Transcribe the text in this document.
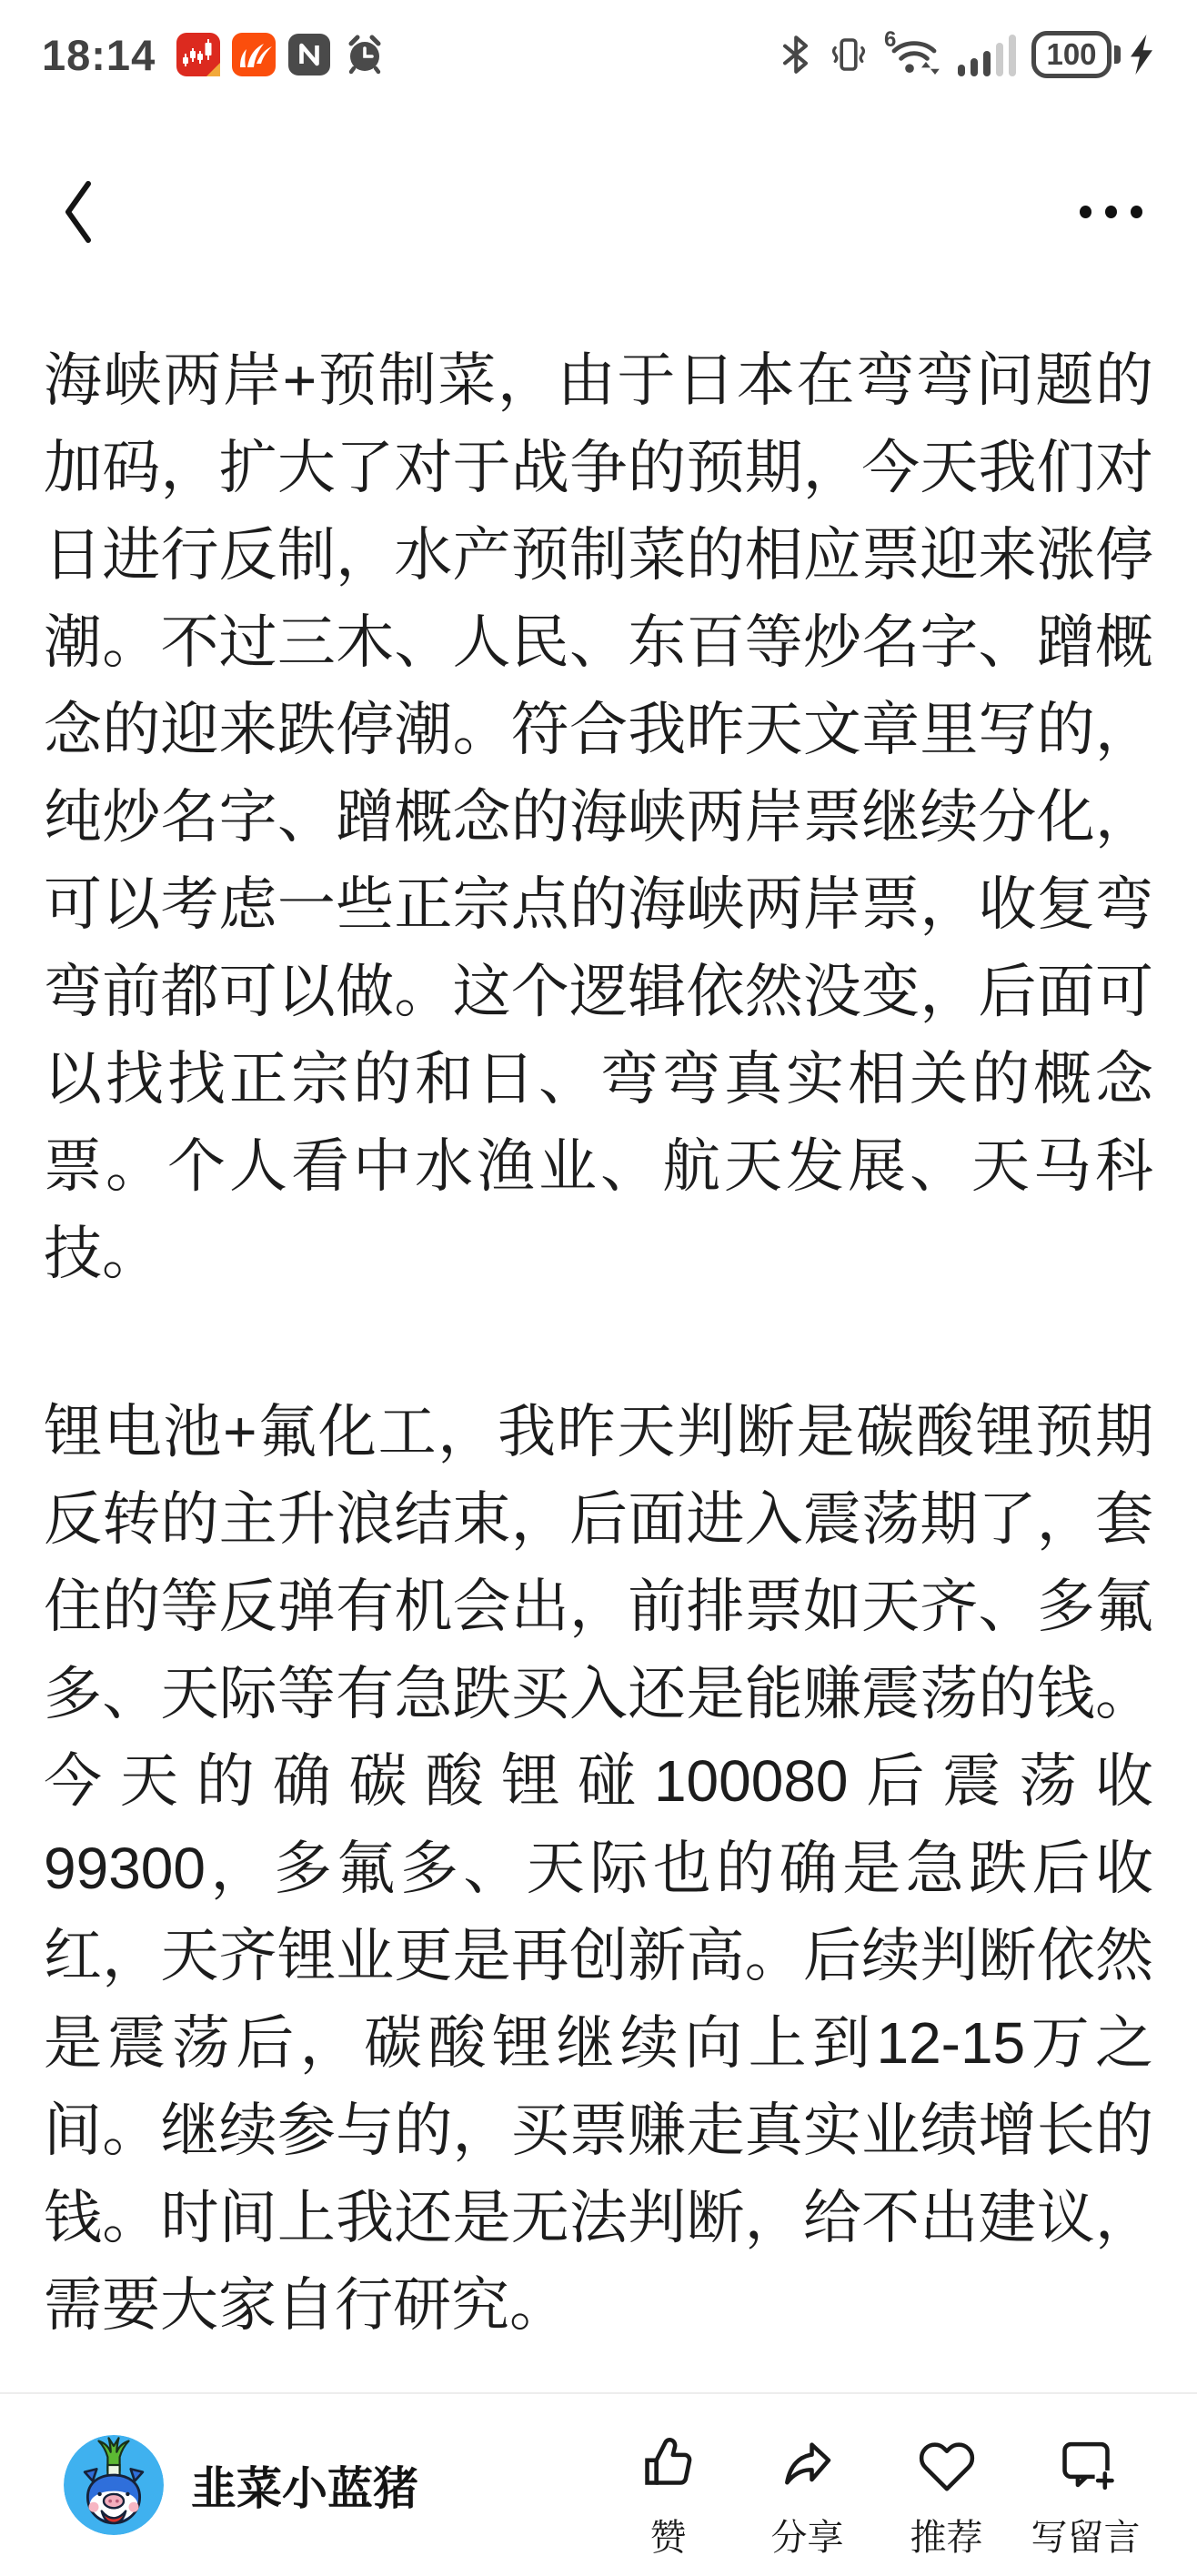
18:14	6	100

海峡两岸+预制菜，由于日本在弯弯问题的加码，扩大了对于战争的预期，今天我们对日进行反制，水产预制菜的相应票迎来涨停潮。不过三木、人民、东百等炒名字、蹭概念的迎来跌停潮。符合我昨天文章里写的，纯炒名字、蹭概念的海峡两岸票继续分化，可以考虑一些正宗点的海峡两岸票，收复弯弯前都可以做。这个逻辑依然没变，后面可以找找正宗的和日、弯弯真实相关的概念票。个人看中水渔业、航天发展、天马科技。

锂电池+氟化工，我昨天判断是碳酸锂预期反转的主升浪结束，后面进入震荡期了，套住的等反弹有机会出，前排票如天齐、多氟多、天际等有急跌买入还是能赚震荡的钱。今天的确碳酸锂碰100080后震荡收99300，多氟多、天际也的确是急跌后收红，天齐锂业更是再创新高。后续判断依然是震荡后，碳酸锂继续向上到12-15万之间。继续参与的，买票赚走真实业绩增长的钱。时间上我还是无法判断，给不出建议，需要大家自行研究。

韭菜小蓝猪
赞 分享 推荐 写留言
